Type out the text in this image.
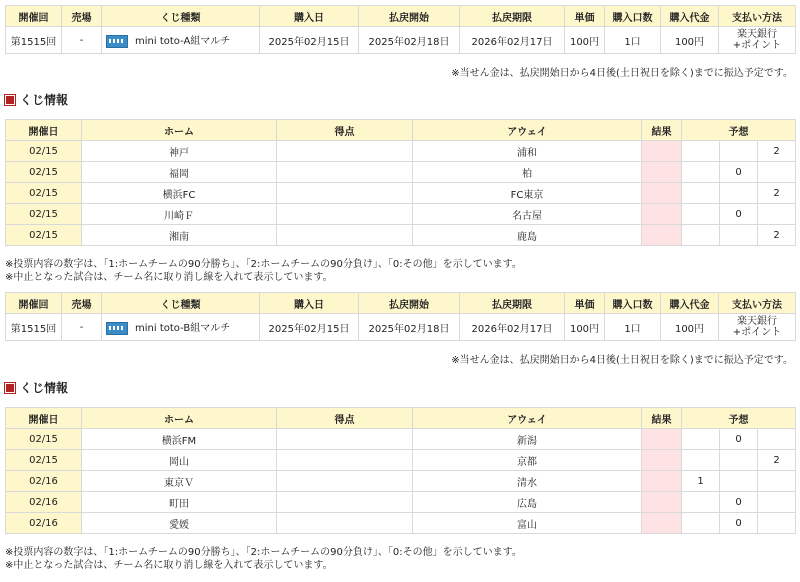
開催回	売場	くじ種類	購入日	払戻開始	払戻期限	単価	購入口数	購入代金	支払い方法
第1515回	-	mini toto-A組マルチ	2025年02月15日	2025年02月18日	2026年02月17日	100円	1口	100円	楽天銀行
+ポイント
※当せん金は、払戻開始日から4日後(土日祝日を除く)までに振込予定です。
くじ情報
開催日	ホーム	得点	アウェイ	結果	予想		
02/15	神戸		浦和				2
02/15	福岡		柏			0	
02/15	横浜FC		FC東京				2
02/15	川崎Ｆ		名古屋			0	
02/15	湘南		鹿島				2
※投票内容の数字は、「1:ホームチームの90分勝ち」、「2:ホームチームの90分負け」、「0:その他」を示しています。
※中止となった試合は、チーム名に取り消し線を入れて表示しています。
開催回	売場	くじ種類	購入日	払戻開始	払戻期限	単価	購入口数	購入代金	支払い方法
第1515回	-	mini toto-B組マルチ	2025年02月15日	2025年02月18日	2026年02月17日	100円	1口	100円	楽天銀行
+ポイント
※当せん金は、払戻開始日から4日後(土日祝日を除く)までに振込予定です。
くじ情報
開催日	ホーム	得点	アウェイ	結果	予想		
02/15	横浜FM		新潟			0	
02/15	岡山		京都				2
02/16	東京Ｖ		清水		1		
02/16	町田		広島			0	
02/16	愛媛		富山			0	
※投票内容の数字は、「1:ホームチームの90分勝ち」、「2:ホームチームの90分負け」、「0:その他」を示しています。
※中止となった試合は、チーム名に取り消し線を入れて表示しています。
